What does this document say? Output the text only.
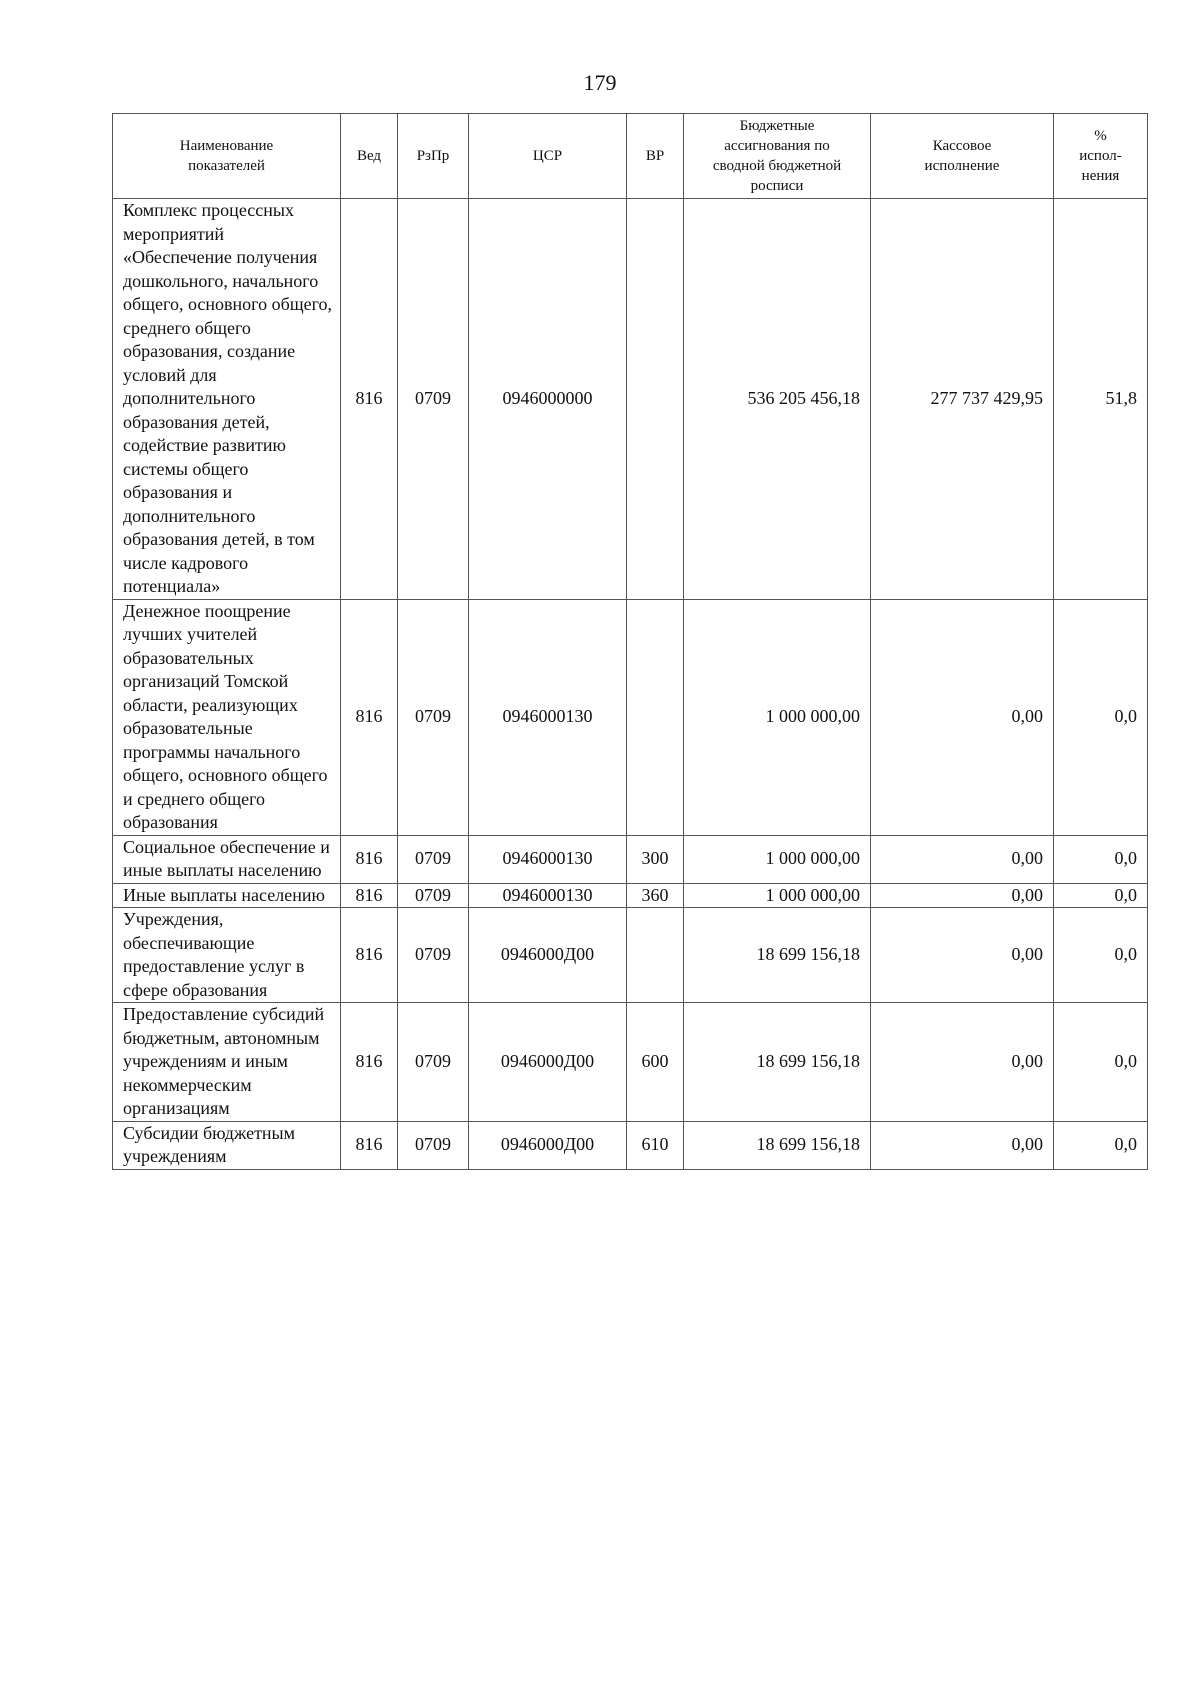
179
Наименование показателей	Вед	РзПр	ЦСР	ВР	Бюджетные ассигнования по сводной бюджетной росписи	Кассовое исполнение	% испол-нения
Комплекс процессных мероприятий «Обеспечение получения дошкольного, начального общего, основного общего, среднего общего образования, создание условий для дополнительного образования детей, содействие развитию системы общего образования и дополнительного образования детей, в том числе кадрового потенциала»	816	0709	0946000000		536 205 456,18	277 737 429,95	51,8
Денежное поощрение лучших учителей образовательных организаций Томской области, реализующих образовательные программы начального общего, основного общего и среднего общего образования	816	0709	0946000130		1 000 000,00	0,00	0,0
Социальное обеспечение и иные выплаты населению	816	0709	0946000130	300	1 000 000,00	0,00	0,0
Иные выплаты населению	816	0709	0946000130	360	1 000 000,00	0,00	0,0
Учреждения, обеспечивающие предоставление услуг в сфере образования	816	0709	0946000Д00		18 699 156,18	0,00	0,0
Предоставление субсидий бюджетным, автономным учреждениям и иным некоммерческим организациям	816	0709	0946000Д00	600	18 699 156,18	0,00	0,0
Субсидии бюджетным учреждениям	816	0709	0946000Д00	610	18 699 156,18	0,00	0,0
